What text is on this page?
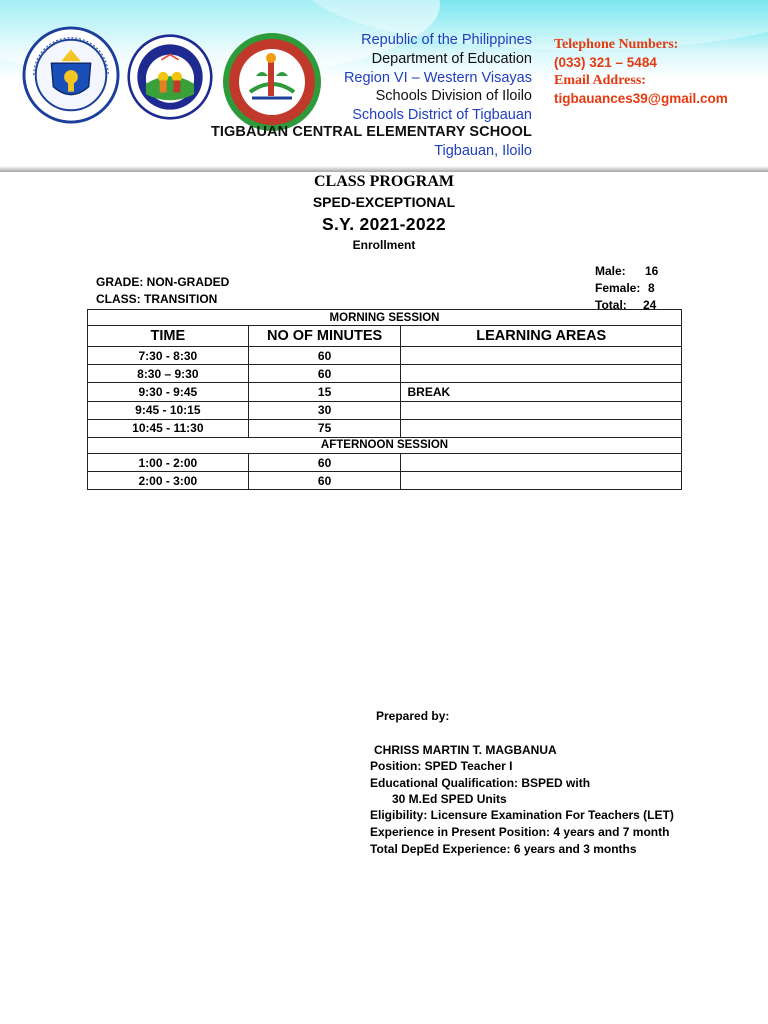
Republic of the Philippines
Department of Education
Region VI – Western Visayas
Schools Division of Iloilo
Schools District of Tigbauan
TIGBAUAN CENTRAL ELEMENTARY SCHOOL
Tigbauan, Iloilo
Telephone Numbers:
(033) 321 – 5484
Email Address:
tigbauances39@gmail.com
CLASS PROGRAM
SPED-EXCEPTIONAL
S.Y. 2021-2022
Enrollment
GRADE: NON-GRADED
CLASS: TRANSITION
Male: 16
Female: 8
Total: 24
MORNING SESSION		
TIME	NO OF MINUTES	LEARNING AREAS
7:30 - 8:30	60	
8:30 – 9:30	60	
9:30 - 9:45	15	BREAK
9:45 - 10:15	30	
10:45 - 11:30	75	
AFTERNOON SESSION		
1:00 - 2:00	60	
2:00 - 3:00	60	
Prepared by:
CHRISS MARTIN T. MAGBANUA
Position: SPED Teacher I
Educational Qualification: BSPED with
30 M.Ed SPED Units
Eligibility: Licensure Examination For Teachers (LET)
Experience in Present Position: 4 years and 7 month
Total DepEd Experience: 6 years and 3 months
